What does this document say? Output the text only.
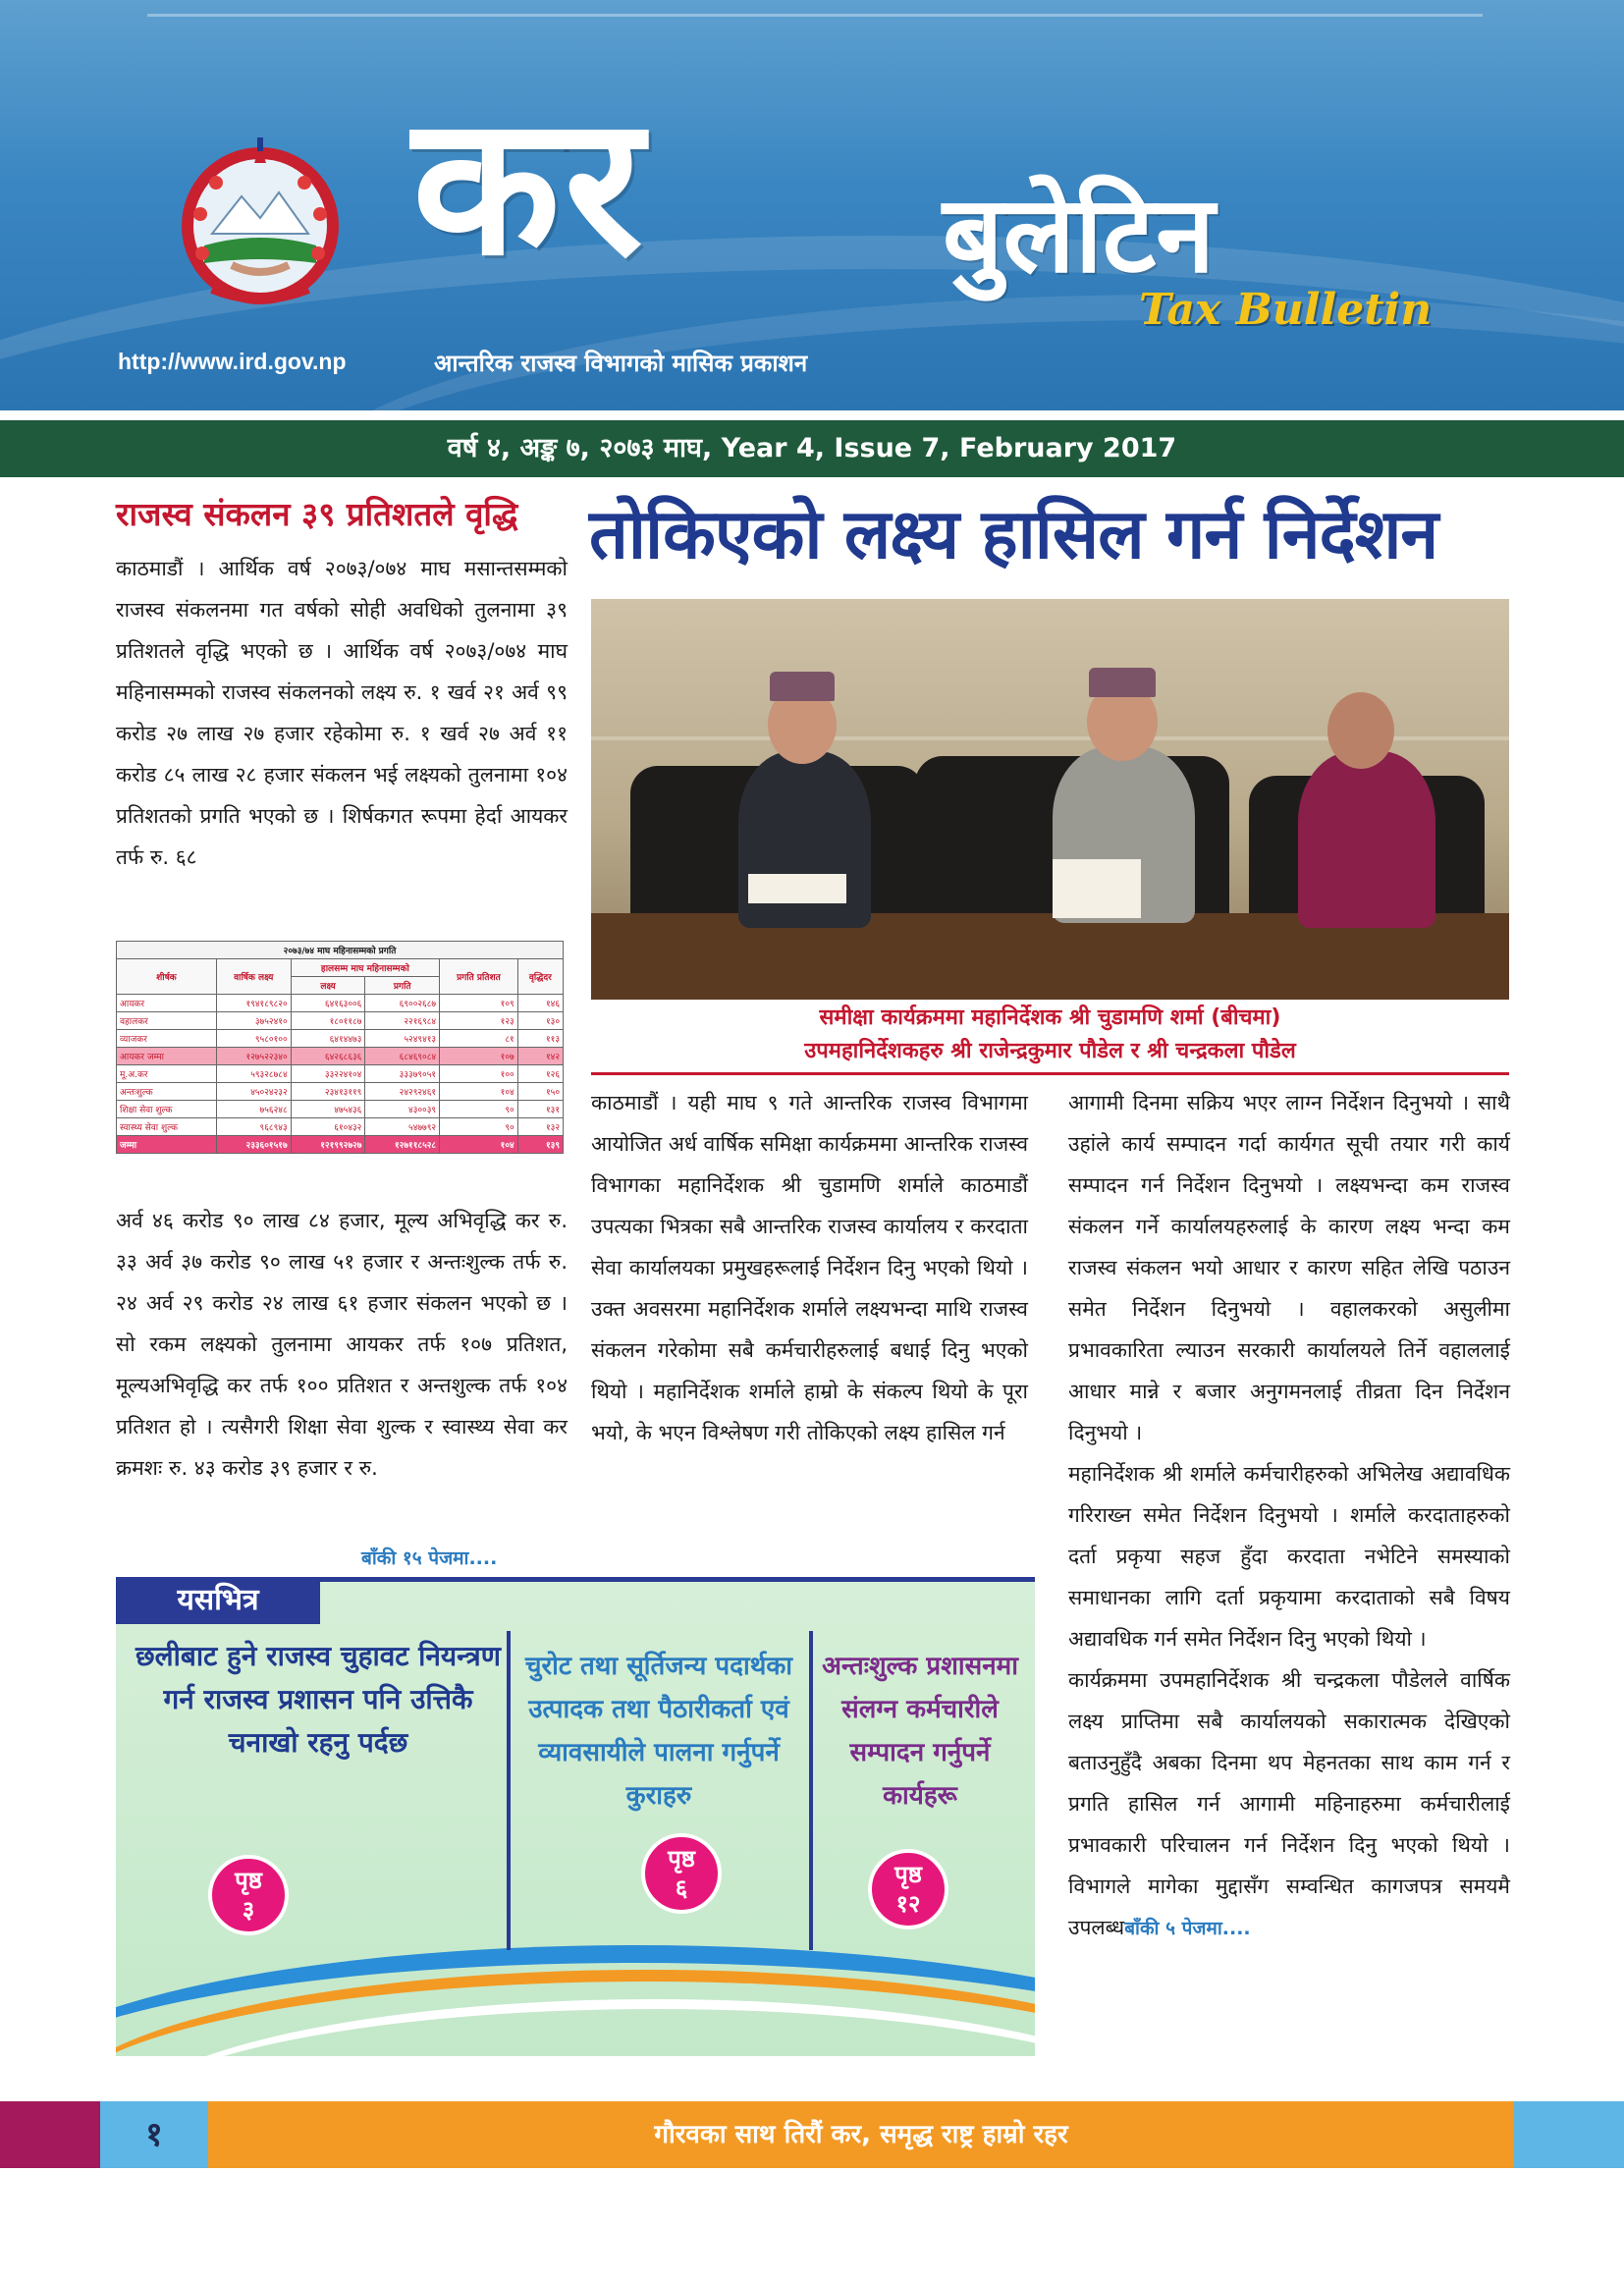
कर	बुलेटिन
Tax Bulletin
http://www.ird.gov.np	आन्तरिक राजस्व विभागको मासिक प्रकाशन
वर्ष ४, अङ्क ७, २०७३ माघ, Year 4, Issue 7, February 2017
राजस्व संकलन ३९ प्रतिशतले वृद्धि
काठमाडौं । आर्थिक वर्ष २०७३/०७४ माघ मसान्तसम्मको राजस्व संकलनमा गत वर्षको सोही अवधिको तुलनामा ३९ प्रतिशतले वृद्धि भएको छ । आर्थिक वर्ष २०७३/०७४ माघ महिनासम्मको राजस्व संकलनको लक्ष्य रु. १ खर्व २१ अर्व ९९ करोड २७ लाख २७ हजार रहेकोमा रु. १ खर्व २७ अर्व ११ करोड ८५ लाख २८ हजार संकलन भई लक्ष्यको तुलनामा १०४ प्रतिशतको प्रगति भएको छ । शिर्षकगत रूपमा हेर्दा आयकर तर्फ रु. ६८
२०७३/७४ माघ महिनासम्मको प्रगति					
शीर्षक	वार्षिक लक्ष्य	हालसम्म माघ महिनासम्मको		प्रगति प्रतिशत	वृद्धिदर
		लक्ष्य	प्रगति		
आयकर	१९४१८९८२०	६४१६३००६	६९००२६८७	१०९	१४६
वहालकर	३७५२४१०	१८०११८७	२२१६९८४	१२३	१३०
व्याजकर	९५८०१००	६४१४४७३	५२४९४१३	८१	११३
आयकर जम्मा	१२७५२२३४०	६४२६८६३६	६८४६९०८४	१०७	१४२
मू.अ.कर	५९३२८७८४	३३२२४१०४	३३३७९०५१	१००	१२६
अन्तःशुल्क	४५०२४२३२	२३४१३११९	२४२९२४६१	१०४	१५०
शिक्षा सेवा शुल्क	७५६२४८	४७५४३६	४३००३९	९०	१३१
स्वास्थ्य सेवा शुल्क	९६८९४३	६१०४३२	५४७७९२	९०	१३२
जम्मा	२३३६०१५१७	१२१९९२७२७	१२७११८५२८	१०४	१३९
अर्व ४६ करोड ९० लाख ८४ हजार, मूल्य अभिवृद्धि कर रु. ३३ अर्व ३७ करोड ९० लाख ५१ हजार र अन्तःशुल्क तर्फ रु. २४ अर्व २९ करोड २४ लाख ६१ हजार संकलन भएको छ । सो रकम लक्ष्यको तुलनामा आयकर तर्फ १०७ प्रतिशत, मूल्यअभिवृद्धि कर तर्फ १०० प्रतिशत र अन्तशुल्क तर्फ १०४ प्रतिशत हो । त्यसैगरी शिक्षा सेवा शुल्क र स्वास्थ्य सेवा कर क्रमशः रु. ४३ करोड ३९ हजार र रु.
बाँकी १५ पेजमा....
तोकिएको लक्ष्य हासिल गर्न निर्देशन
समीक्षा कार्यक्रममा महानिर्देशक श्री चुडामणि शर्मा (बीचमा)
उपमहानिर्देशकहरु श्री राजेन्द्रकुमार पौडेल र श्री चन्द्रकला पौडेल
काठमाडौं । यही माघ ९ गते आन्तरिक राजस्व विभागमा आयोजित अर्ध वार्षिक समिक्षा कार्यक्रममा आन्तरिक राजस्व विभागका महानिर्देशक श्री चुडामणि शर्माले काठमाडौं उपत्यका भित्रका सबै आन्तरिक राजस्व कार्यालय र करदाता सेवा कार्यालयका प्रमुखहरूलाई निर्देशन दिनु भएको थियो । उक्त अवसरमा महानिर्देशक शर्माले लक्ष्यभन्दा माथि राजस्व संकलन गरेकोमा सबै कर्मचारीहरुलाई बधाई दिनु भएको थियो । महानिर्देशक शर्माले हाम्रो के संकल्प थियो के पूरा भयो, के भएन विश्लेषण गरी तोकिएको लक्ष्य हासिल गर्न
आगामी दिनमा सक्रिय भएर लाग्न निर्देशन दिनुभयो । साथै उहांले कार्य सम्पादन गर्दा कार्यगत सूची तयार गरी कार्य सम्पादन गर्न निर्देशन दिनुभयो । लक्ष्यभन्दा कम राजस्व संकलन गर्ने कार्यालयहरुलाई के कारण लक्ष्य भन्दा कम राजस्व संकलन भयो आधार र कारण सहित लेखि पठाउन समेत निर्देशन दिनुभयो । वहालकरको असुलीमा प्रभावकारिता ल्याउन सरकारी कार्यालयले तिर्ने वहाललाई आधार मान्ने र बजार अनुगमनलाई तीव्रता दिन निर्देशन दिनुभयो ।
महानिर्देशक श्री शर्माले कर्मचारीहरुको अभिलेख अद्यावधिक गरिराख्न समेत निर्देशन दिनुभयो । शर्माले करदाताहरुको दर्ता प्रकृया सहज हुँदा करदाता नभेटिने समस्याको समाधानका लागि दर्ता प्रकृयामा करदाताको सबै विषय अद्यावधिक गर्न समेत निर्देशन दिनु भएको थियो ।
कार्यक्रममा उपमहानिर्देशक श्री चन्द्रकला पौडेलले वार्षिक लक्ष्य प्राप्तिमा सबै कार्यालयको सकारात्मक देखिएको बताउनुहुँदै अबका दिनमा थप मेहनतका साथ काम गर्न र प्रगति हासिल गर्न आगामी महिनाहरुमा कर्मचारीलाई प्रभावकारी परिचालन गर्न निर्देशन दिनु भएको थियो । विभागले मागेका मुद्दासँग सम्वन्धित कागजपत्र समयमै उपलब्धबाँकी ५ पेजमा....
छलीबाट हुने राजस्व चुहावट नियन्त्रण गर्न राजस्व प्रशासन पनि उत्तिकै चनाखो रहनु पर्दछ
चुरोट तथा सूर्तिजन्य पदार्थका उत्पादक तथा पैठारीकर्ता एवं व्यावसायीले पालना गर्नुपर्ने कुराहरु
अन्तःशुल्क प्रशासनमा संलग्न कर्मचारीले सम्पादन गर्नुपर्ने कार्यहरू
पृष्ठ
३
पृष्ठ
६	पृष्ठ
१२
यसभित्र
१	गौरवका साथ तिरौं कर, समृद्ध राष्ट्र हाम्रो रहर
